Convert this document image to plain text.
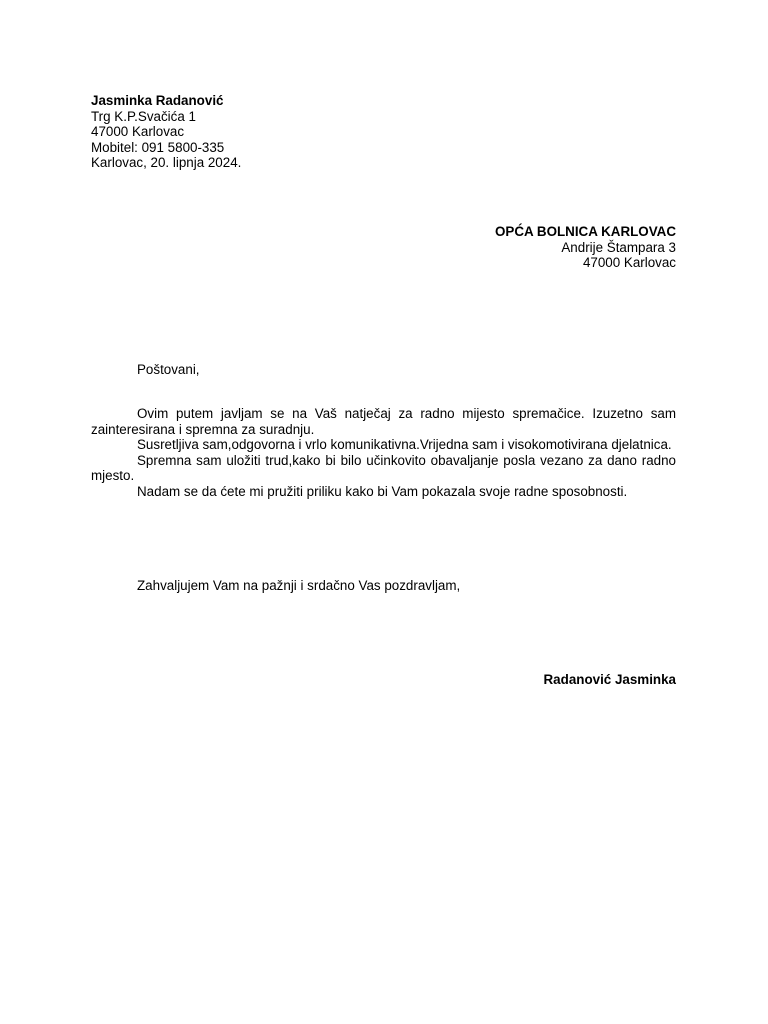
Jasminka Radanović
Trg K.P.Svačića 1
47000 Karlovac
Mobitel: 091 5800-335
Karlovac, 20. lipnja 2024.
OPĆA BOLNICA KARLOVAC
Andrije Štampara 3
47000 Karlovac
Poštovani,

Ovim putem javljam se na Vaš natječaj za radno mijesto spremačice. Izuzetno sam zainteresirana i spremna za suradnju.

Susretljiva sam,odgovorna i vrlo komunikativna.Vrijedna sam i visokomotivirana djelatnica.

Spremna sam uložiti trud,kako bi bilo učinkovito obavaljanje posla vezano za dano radno mjesto.

Nadam se da ćete mi pružiti priliku kako bi Vam pokazala svoje radne sposobnosti.

Zahvaljujem Vam na pažnji i srdačno Vas pozdravljam,
Radanović Jasminka
